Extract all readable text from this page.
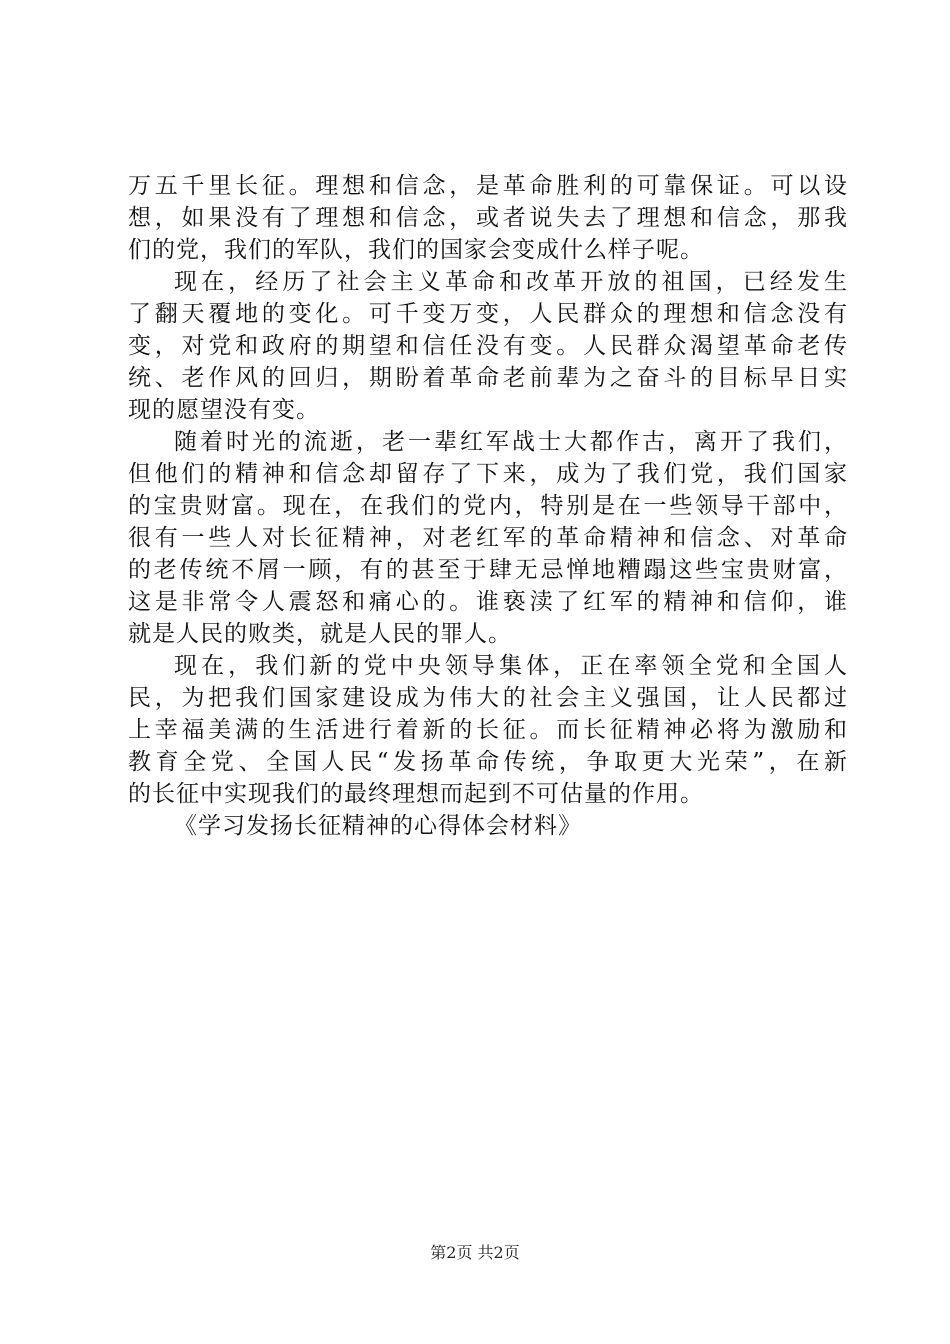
万五千里长征。理想和信念，是革命胜利的可靠保证。可以设
想，如果没有了理想和信念，或者说失去了理想和信念，那我
们的党，我们的军队，我们的国家会变成什么样子呢。
现在，经历了社会主义革命和改革开放的祖国，已经发生
了翻天覆地的变化。可千变万变，人民群众的理想和信念没有
变，对党和政府的期望和信任没有变。人民群众渴望革命老传
统、老作风的回归，期盼着革命老前辈为之奋斗的目标早日实
现的愿望没有变。
随着时光的流逝，老一辈红军战士大都作古，离开了我们，
但他们的精神和信念却留存了下来，成为了我们党，我们国家
的宝贵财富。现在，在我们的党内，特别是在一些领导干部中，
很有一些人对长征精神，对老红军的革命精神和信念、对革命
的老传统不屑一顾，有的甚至于肆无忌惮地糟蹋这些宝贵财富，
这是非常令人震怒和痛心的。谁亵渎了红军的精神和信仰，谁
就是人民的败类，就是人民的罪人。
现在，我们新的党中央领导集体，正在率领全党和全国人
民，为把我们国家建设成为伟大的社会主义强国，让人民都过
上幸福美满的生活进行着新的长征。而长征精神必将为激励和
教育全党、全国人民“发扬革命传统，争取更大光荣”，在新
的长征中实现我们的最终理想而起到不可估量的作用。
《学习发扬长征精神的心得体会材料》
第2页 共2页
